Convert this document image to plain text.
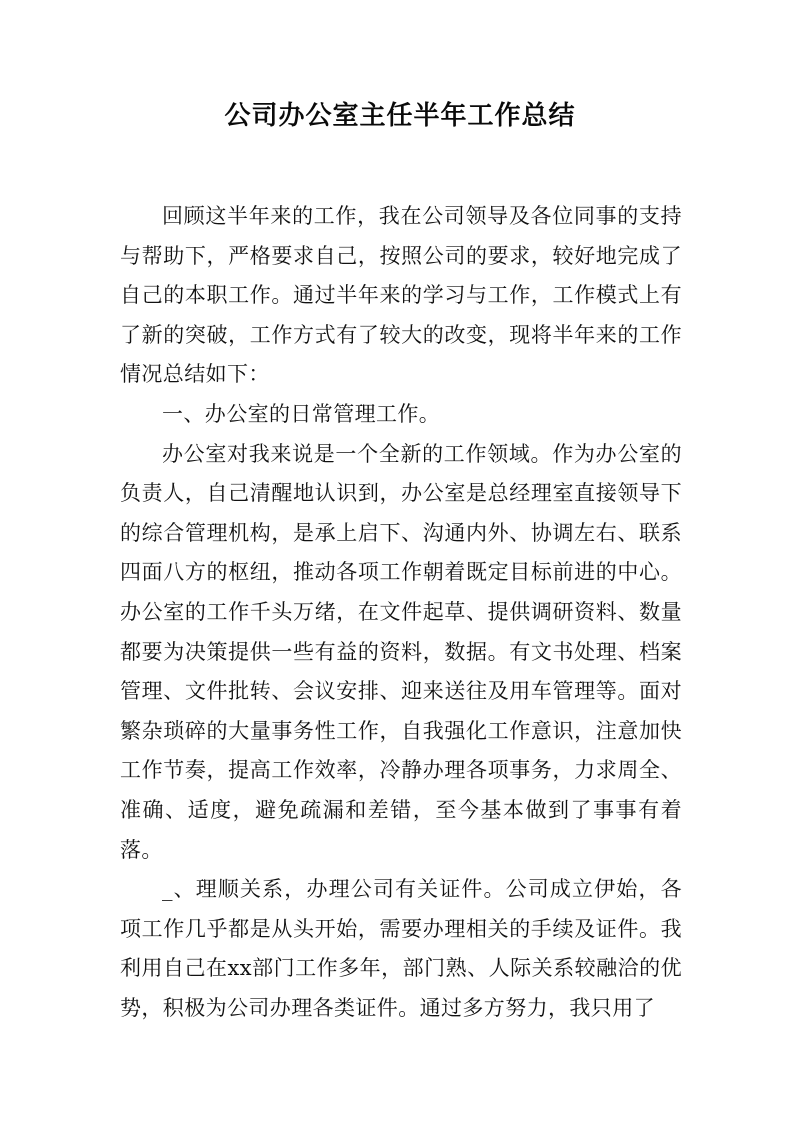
公司办公室主任半年工作总结

回顾这半年来的工作，我在公司领导及各位同事的支持与帮助下，严格要求自己，按照公司的要求，较好地完成了自己的本职工作。通过半年来的学习与工作，工作模式上有了新的突破，工作方式有了较大的改变，现将半年来的工作情况总结如下：

一、办公室的日常管理工作。

办公室对我来说是一个全新的工作领域。作为办公室的负责人，自己清醒地认识到，办公室是总经理室直接领导下的综合管理机构，是承上启下、沟通内外、协调左右、联系四面八方的枢纽，推动各项工作朝着既定目标前进的中心。办公室的工作千头万绪，在文件起草、提供调研资料、数量都要为决策提供一些有益的资料，数据。有文书处理、档案管理、文件批转、会议安排、迎来送往及用车管理等。面对繁杂琐碎的大量事务性工作，自我强化工作意识，注意加快工作节奏，提高工作效率，冷静办理各项事务，力求周全、准确、适度，避免疏漏和差错，至今基本做到了事事有着落。

_、理顺关系，办理公司有关证件。公司成立伊始，各项工作几乎都是从头开始，需要办理相关的手续及证件。我利用自己在xx部门工作多年，部门熟、人际关系较融洽的优势，积极为公司办理各类证件。通过多方努力，我只用了
